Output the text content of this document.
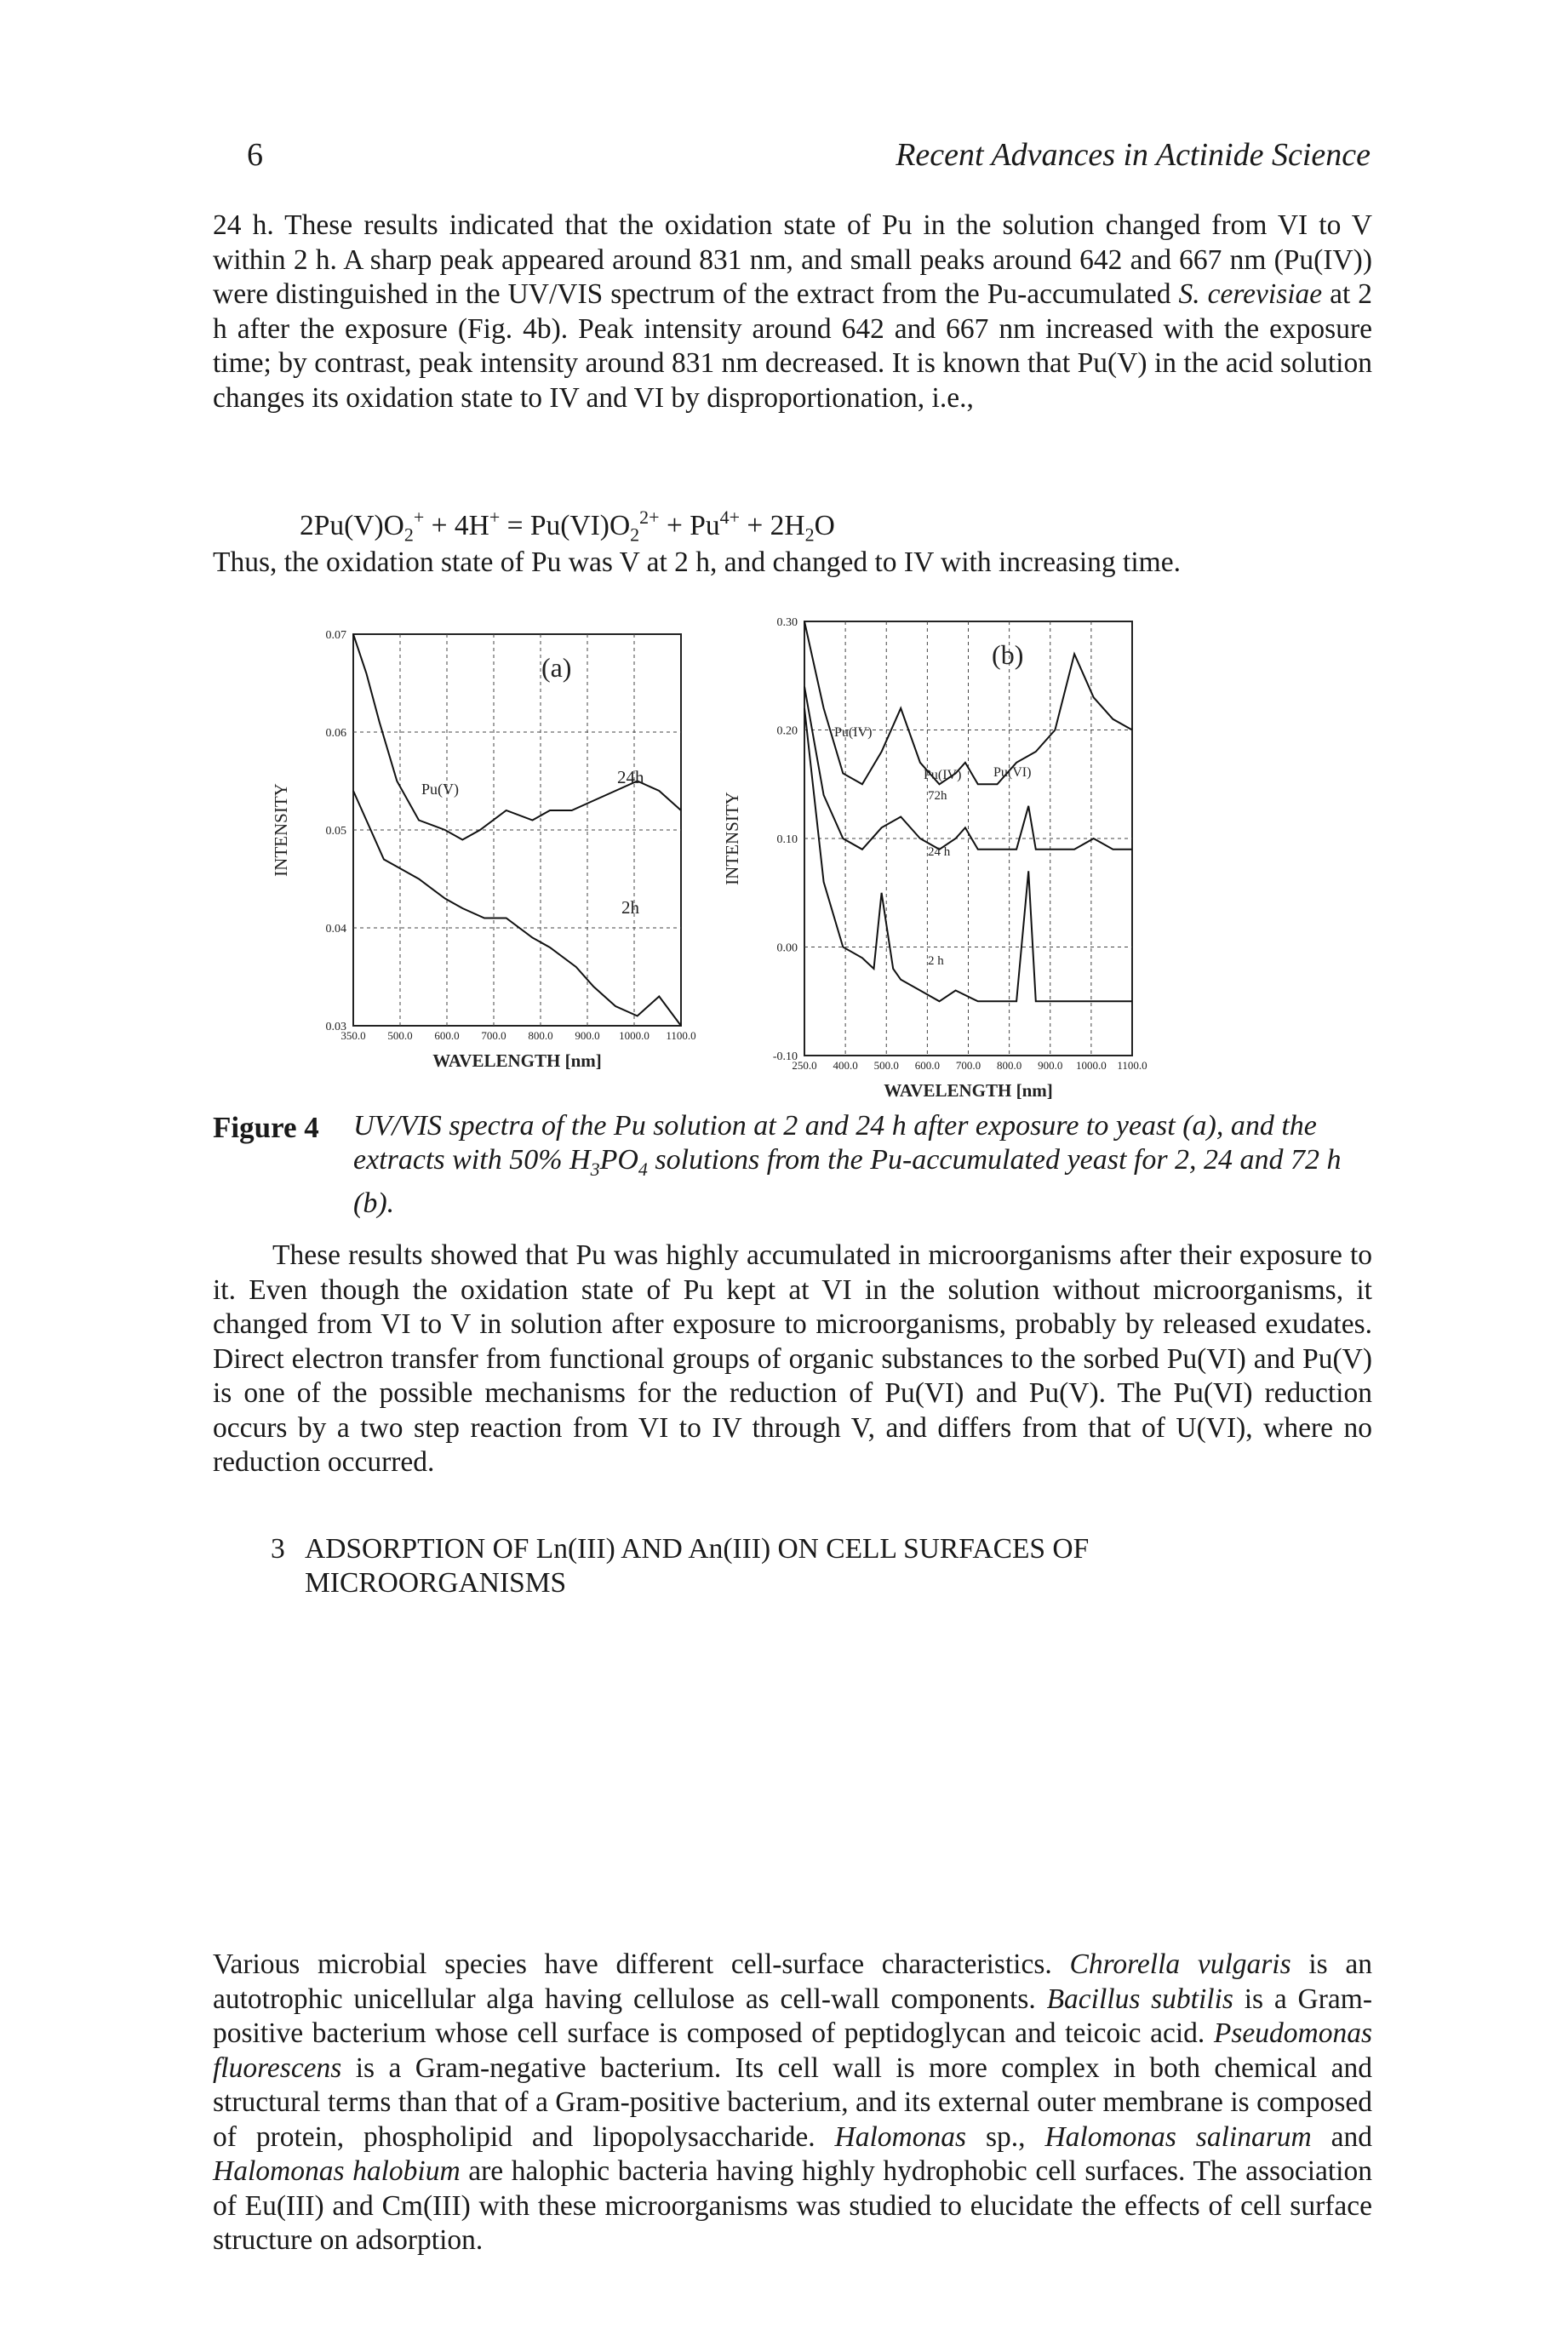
6	Recent Advances in Actinide Science

24 h. These results indicated that the oxidation state of Pu in the solution changed from VI to V within 2 h. A sharp peak appeared around 831 nm, and small peaks around 642 and 667 nm (Pu(IV)) were distinguished in the UV/VIS spectrum of the extract from the Pu-accumulated S. cerevisiae at 2 h after the exposure (Fig. 4b). Peak intensity around 642 and 667 nm increased with the exposure time; by contrast, peak intensity around 831 nm decreased. It is known that Pu(V) in the acid solution changes its oxidation state to IV and VI by disproportionation, i.e.,

$2Pu(V)O_2^+ + 4H^+ = Pu(VI)O_2^{2+} + Pu^{4+} + 2H_2O$

Thus, the oxidation state of Pu was V at 2 h, and changed to IV with increasing time.

350.0 500.0 600.0 700.0 800.0 900.0 1000.0 1100.0
0.03
0.04
0.05
0.06
0.07
WAVELENGTH [nm]
INTENSITY
(a)
Pu(V)
24h
2h
250.0 400.0 500.0 600.0 700.0 800.0 900.0 1000.0 1100.0
-0.10
0.00
0.10
0.20
0.30
WAVELENGTH [nm]
INTENSITY
(b)
Pu(IV)
Pu(IV) Pu(VI)
72h
24 h
2 h
Figure 4 UV/VIS spectra of the Pu solution at 2 and 24 h after exposure to yeast (a), and the extracts with 50% $H_3PO_4$ solutions from the Pu-accumulated yeast for 2, 24 and 72 h (b).

These results showed that Pu was highly accumulated in microorganisms after their exposure to it. Even though the oxidation state of Pu kept at VI in the solution without microorganisms, it changed from VI to V in solution after exposure to microorganisms, probably by released exudates. Direct electron transfer from functional groups of organic substances to the sorbed Pu(VI) and Pu(V) is one of the possible mechanisms for the reduction of Pu(VI) and Pu(V). The Pu(VI) reduction occurs by a two step reaction from VI to IV through V, and differs from that of U(VI), where no reduction occurred.

3 ADSORPTION OF Ln(III) AND An(III) ON CELL SURFACES OF
MICROORGANISMS

Various microbial species have different cell-surface characteristics. Chrorella vulgaris is an autotrophic unicellular alga having cellulose as cell-wall components. Bacillus subtilis is a Gram-positive bacterium whose cell surface is composed of peptidoglycan and teicoic acid. Pseudomonas fluorescens is a Gram-negative bacterium. Its cell wall is more complex in both chemical and structural terms than that of a Gram-positive bacterium, and its external outer membrane is composed of protein, phospholipid and lipopolysaccharide. Halomonas sp., Halomonas salinarum and Halomonas halobium are halophic bacteria having highly hydrophobic cell surfaces. The association of Eu(III) and Cm(III) with these microorganisms was studied to elucidate the effects of cell surface structure on adsorption.
